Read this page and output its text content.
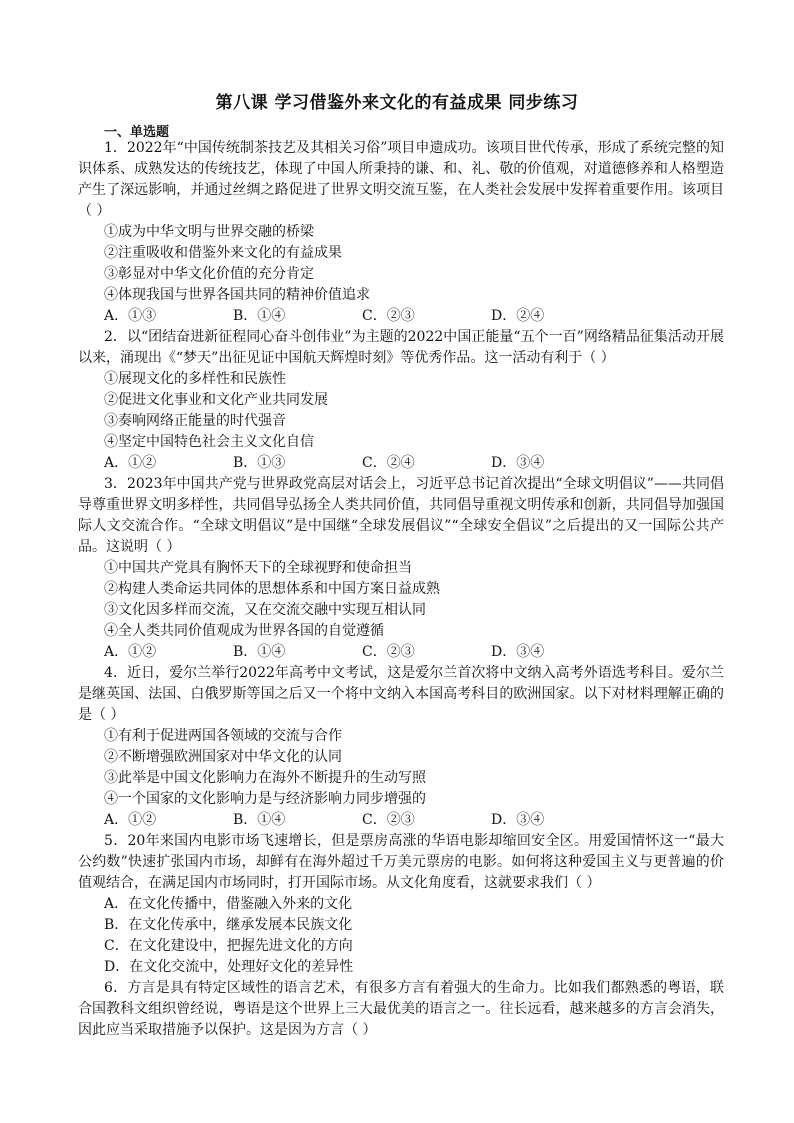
第八课 学习借鉴外来文化的有益成果 同步练习
一、单选题

1．2022年“中国传统制茶技艺及其相关习俗”项目申遗成功。该项目世代传承，形成了系统完整的知识体系、成熟发达的传统技艺，体现了中国人所秉持的谦、和、礼、敬的价值观，对道德修养和人格塑造产生了深远影响，并通过丝绸之路促进了世界文明交流互鉴，在人类社会发展中发挥着重要作用。该项目（ ）

①成为中华文明与世界交融的桥梁

②注重吸收和借鉴外来文化的有益成果

③彰显对中华文化价值的充分肯定

④体现我国与世界各国共同的精神价值追求

A．①③	B．①④	C．②③	D．②④

2．以“团结奋进新征程同心奋斗创伟业”为主题的2022中国正能量“五个一百”网络精品征集活动开展以来，涌现出《“梦天”出征见证中国航天辉煌时刻》等优秀作品。这一活动有利于（ ）

①展现文化的多样性和民族性

②促进文化事业和文化产业共同发展

③奏响网络正能量的时代强音

④坚定中国特色社会主义文化自信

A．①②	B．①③	C．②④	D．③④

3．2023年中国共产党与世界政党高层对话会上，习近平总书记首次提出“全球文明倡议”——共同倡导尊重世界文明多样性，共同倡导弘扬全人类共同价值，共同倡导重视文明传承和创新，共同倡导加强国际人文交流合作。“全球文明倡议”是中国继“全球发展倡议”“全球安全倡议”之后提出的又一国际公共产品。这说明（ ）

①中国共产党具有胸怀天下的全球视野和使命担当

②构建人类命运共同体的思想体系和中国方案日益成熟

③文化因多样而交流，又在交流交融中实现互相认同

④全人类共同价值观成为世界各国的自觉遵循

A．①②	B．①④	C．②③	D．③④

4．近日，爱尔兰举行2022年高考中文考试，这是爱尔兰首次将中文纳入高考外语选考科目。爱尔兰是继英国、法国、白俄罗斯等国之后又一个将中文纳入本国高考科目的欧洲国家。以下对材料理解正确的是（ ）

①有利于促进两国各领域的交流与合作

②不断增强欧洲国家对中华文化的认同

③此举是中国文化影响力在海外不断提升的生动写照

④一个国家的文化影响力是与经济影响力同步增强的

A．①②	B．①④	C．②③	D．③④

5．20年来国内电影市场飞速增长，但是票房高涨的华语电影却缩回安全区。用爱国情怀这一“最大公约数”快速扩张国内市场，却鲜有在海外超过千万美元票房的电影。如何将这种爱国主义与更普遍的价值观结合，在满足国内市场同时，打开国际市场。从文化角度看，这就要求我们（ ）

A．在文化传播中，借鉴融入外来的文化

B．在文化传承中，继承发展本民族文化

C．在文化建设中，把握先进文化的方向

D．在文化交流中，处理好文化的差异性

6．方言是具有特定区域性的语言艺术，有很多方言有着强大的生命力。比如我们都熟悉的粤语，联合国教科文组织曾经说，粤语是这个世界上三大最优美的语言之一。往长远看，越来越多的方言会消失，因此应当采取措施予以保护。这是因为方言（ ）
